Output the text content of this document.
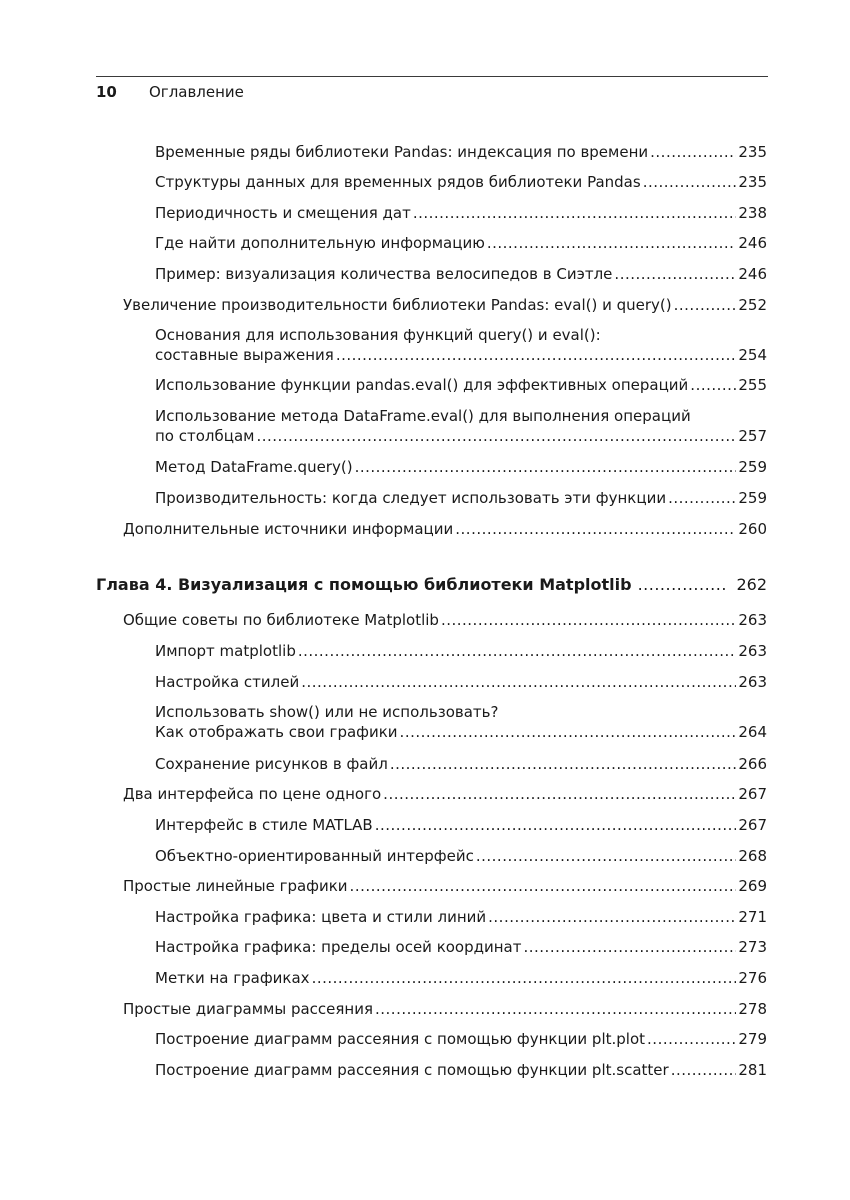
10 Оглавление
Временные ряды библиотеки Pandas: индексация по времени .....	235
Структуры данных для временных рядов библиотеки Pandas .....	235
Периодичность и смещения дат .....	238
Где найти дополнительную информацию .....	246
Пример: визуализация количества велосипедов в Сиэтле .....	246
Увеличение производительности библиотеки Pandas: eval() и query() .....	252
Основания для использования функций query() и eval():
составные выражения .....	254
Использование функции pandas.eval() для эффективных операций .....	255
Использование метода DataFrame.eval() для выполнения операций
по столбцам .....	257
Метод DataFrame.query() .....	259
Производительность: когда следует использовать эти функции .....	259
Дополнительные источники информации .....	260
Глава 4. Визуализация с помощью библиотеки Matplotlib .....	262
Общие советы по библиотеке Matplotlib .....	263
Импорт matplotlib .....	263
Настройка стилей .....	263
Использовать show() или не использовать?
Как отображать свои графики .....	264
Сохранение рисунков в файл .....	266
Два интерфейса по цене одного .....	267
Интерфейс в стиле MATLAB .....	267
Объектно-ориентированный интерфейс .....	268
Простые линейные графики .....	269
Настройка графика: цвета и стили линий .....	271
Настройка графика: пределы осей координат .....	273
Метки на графиках .....	276
Простые диаграммы рассеяния .....	278
Построение диаграмм рассеяния с помощью функции plt.plot .....	279
Построение диаграмм рассеяния с помощью функции plt.scatter .....	281
